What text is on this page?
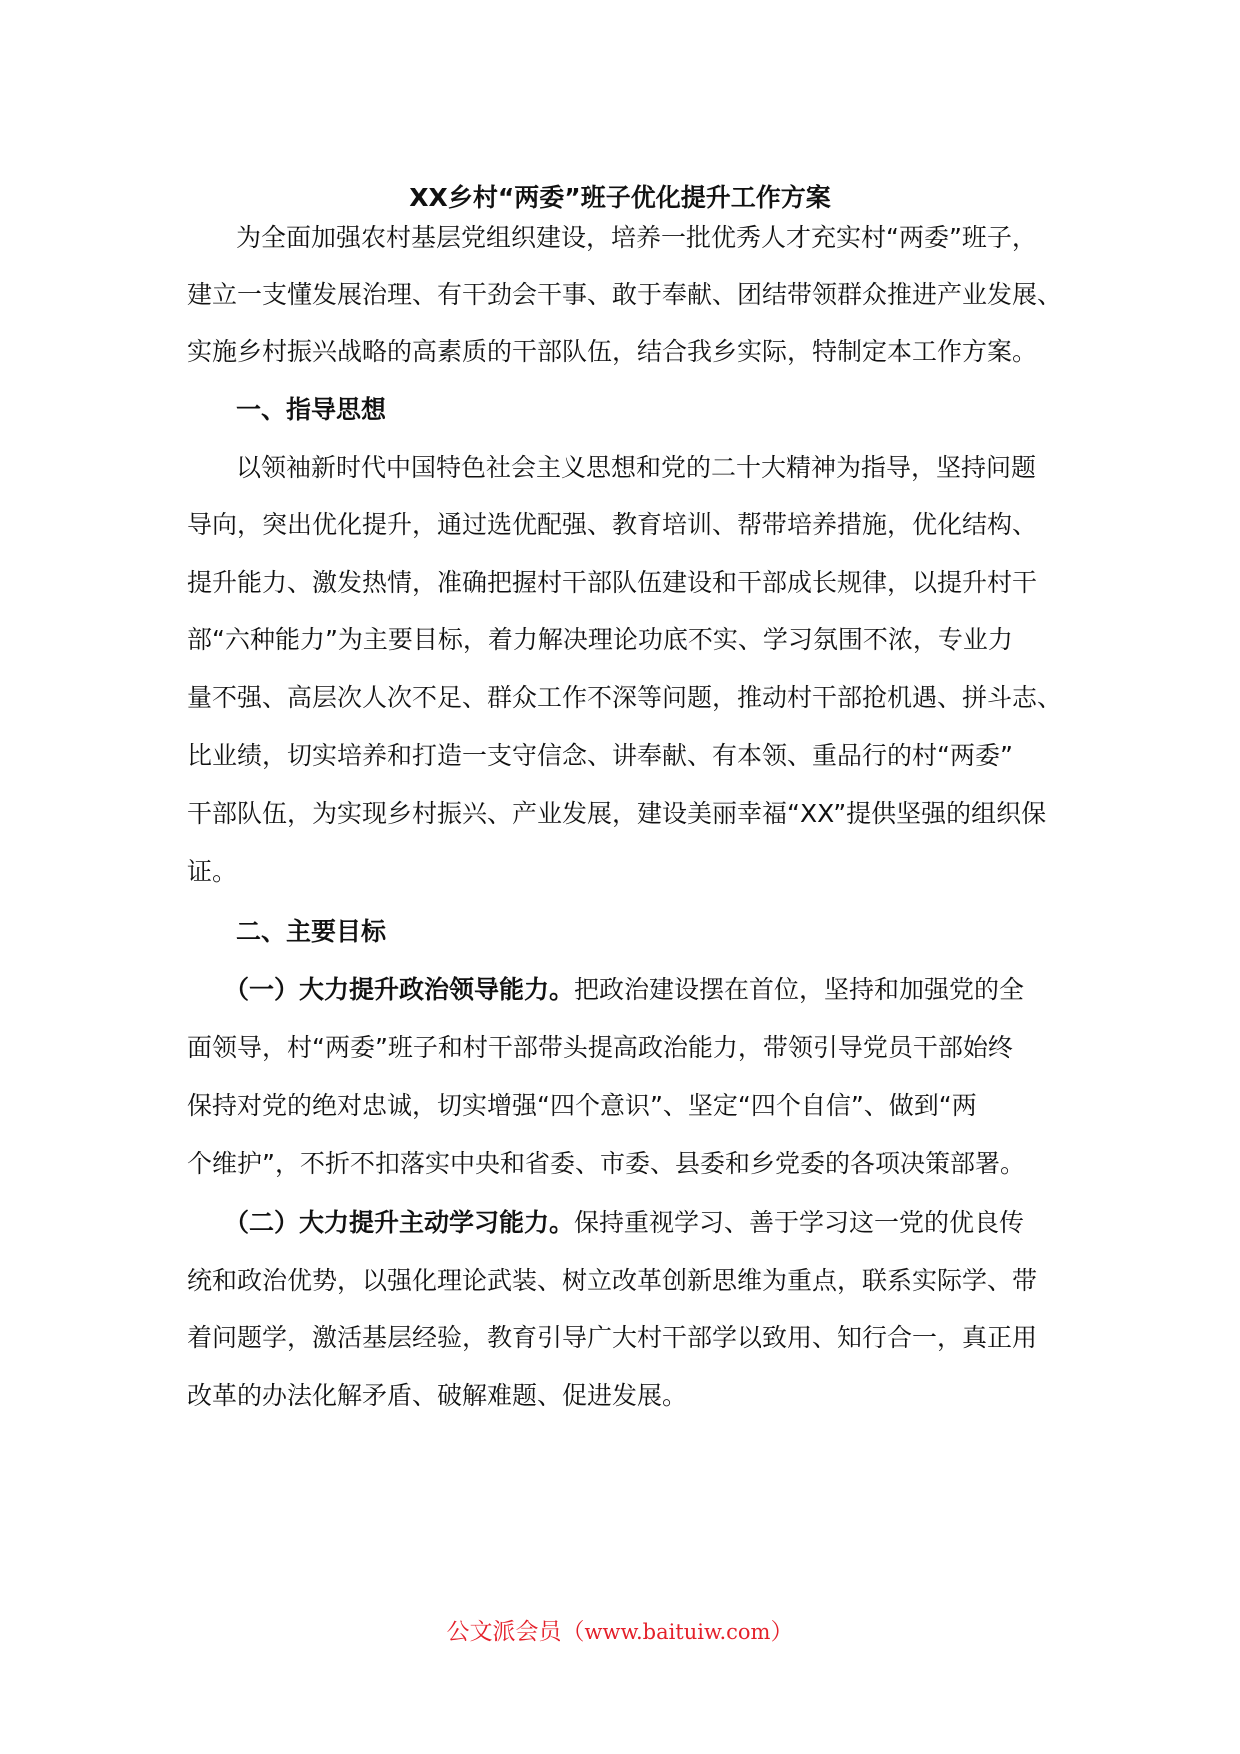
XX乡村“两委”班子优化提升工作方案
为全面加强农村基层党组织建设，培养一批优秀人才充实村“两委”班子，
建立一支懂发展治理、有干劲会干事、敢于奉献、团结带领群众推进产业发展、
实施乡村振兴战略的高素质的干部队伍，结合我乡实际，特制定本工作方案。
一、指导思想
以领袖新时代中国特色社会主义思想和党的二十大精神为指导，坚持问题
导向，突出优化提升，通过选优配强、教育培训、帮带培养措施，优化结构、
提升能力、激发热情，准确把握村干部队伍建设和干部成长规律，以提升村干
部“六种能力”为主要目标，着力解决理论功底不实、学习氛围不浓，专业力
量不强、高层次人次不足、群众工作不深等问题，推动村干部抢机遇、拼斗志、
比业绩，切实培养和打造一支守信念、讲奉献、有本领、重品行的村“两委”
干部队伍，为实现乡村振兴、产业发展，建设美丽幸福“XX”提供坚强的组织保
证。
二、主要目标
（一）大力提升政治领导能力。把政治建设摆在首位，坚持和加强党的全
面领导，村“两委”班子和村干部带头提高政治能力，带领引导党员干部始终
保持对党的绝对忠诚，切实增强“四个意识”、坚定“四个自信”、做到“两
个维护”，不折不扣落实中央和省委、市委、县委和乡党委的各项决策部署。
（二）大力提升主动学习能力。保持重视学习、善于学习这一党的优良传
统和政治优势，以强化理论武装、树立改革创新思维为重点，联系实际学、带
着问题学，激活基层经验，教育引导广大村干部学以致用、知行合一，真正用
改革的办法化解矛盾、破解难题、促进发展。
公文派会员（www.baituiw.com）
